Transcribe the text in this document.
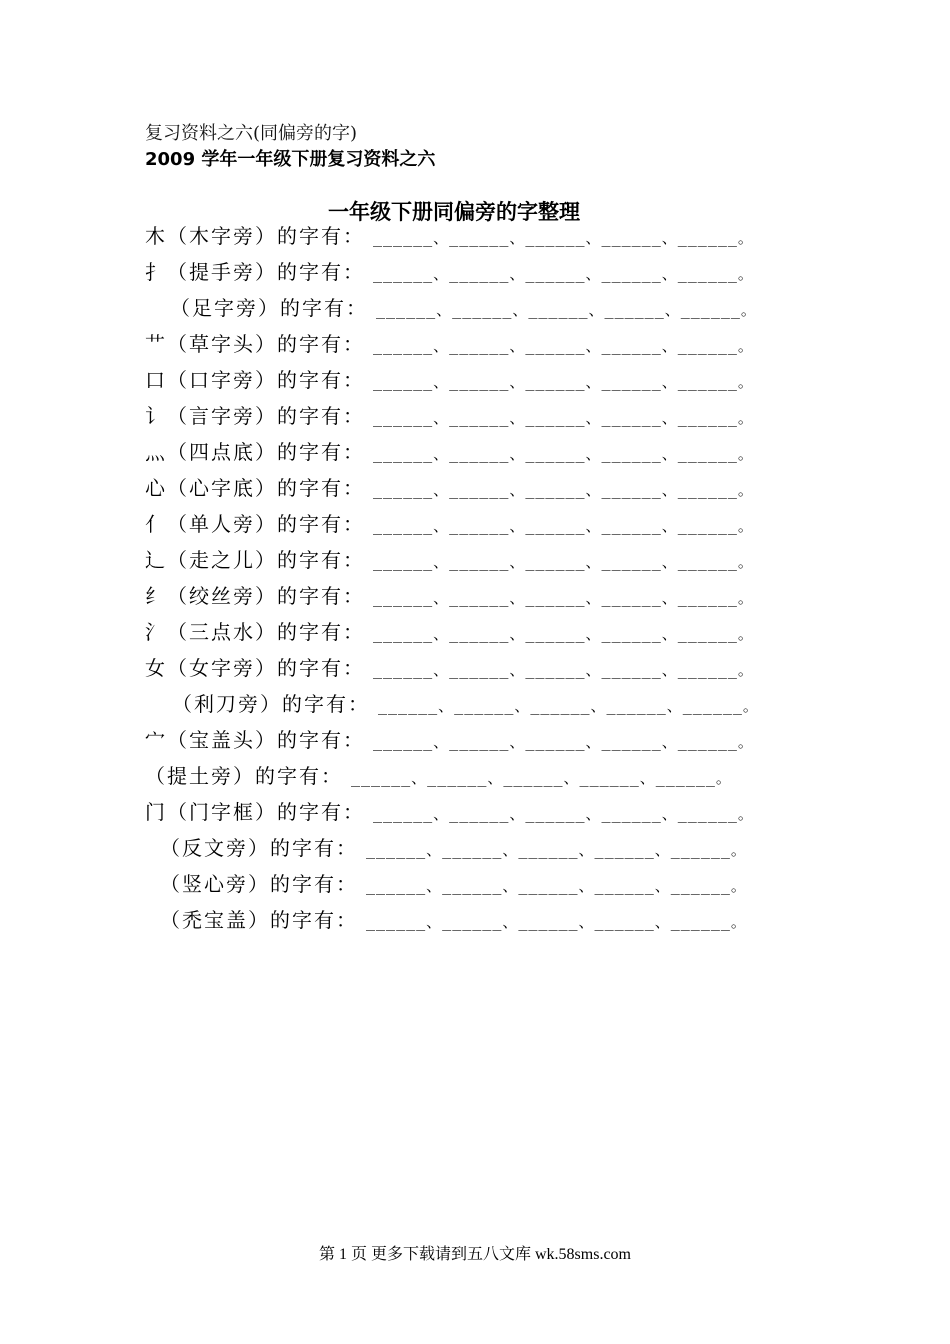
复习资料之六(同偏旁的字)
2009 学年一年级下册复习资料之六
一年级下册同偏旁的字整理
木（木字旁）的字有： ______、______、______、______、______。
扌（提手旁）的字有： ______、______、______、______、______。
（足字旁）的字有： ______、______、______、______、______。
艹（草字头）的字有： ______、______、______、______、______。
口（口字旁）的字有： ______、______、______、______、______。
讠（言字旁）的字有： ______、______、______、______、______。
灬（四点底）的字有： ______、______、______、______、______。
心（心字底）的字有： ______、______、______、______、______。
亻（单人旁）的字有： ______、______、______、______、______。
辶（走之儿）的字有： ______、______、______、______、______。
纟（绞丝旁）的字有： ______、______、______、______、______。
氵（三点水）的字有： ______、______、______、______、______。
女（女字旁）的字有： ______、______、______、______、______。
（利刀旁）的字有： ______、______、______、______、______。
宀（宝盖头）的字有： ______、______、______、______、______。
（提土旁）的字有： ______、______、______、______、______。
门（门字框）的字有： ______、______、______、______、______。
（反文旁）的字有： ______、______、______、______、______。
（竖心旁）的字有： ______、______、______、______、______。
（禿宝盖）的字有： ______、______、______、______、______。
第 1 页 更多下载请到五八文库 wk.58sms.com
